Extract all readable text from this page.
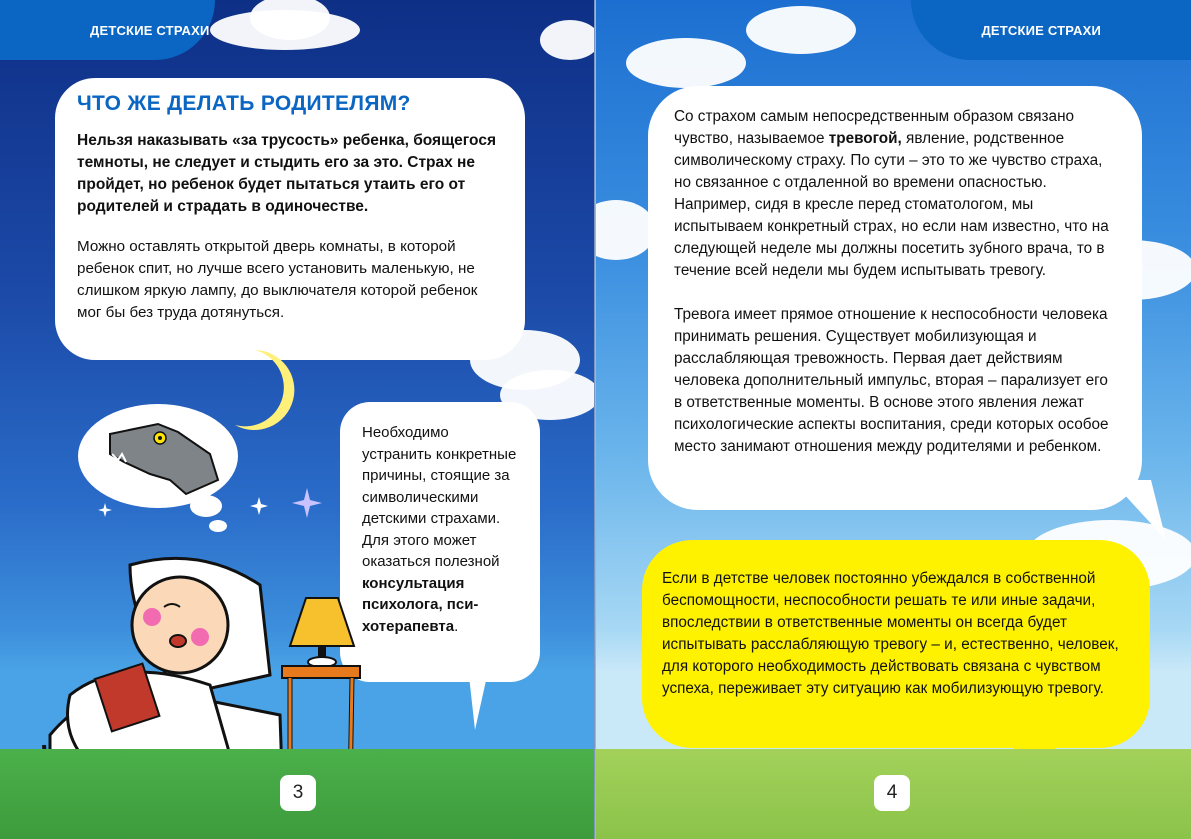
ДЕТСКИЕ СТРАХИ
ЧТО ЖЕ ДЕЛАТЬ РОДИТЕЛЯМ?

Нельзя наказывать «за трусость» ребенка, боящегося темноты, не следует и стыдить его за это. Страх не пройдет, но ребенок будет пытаться утаить его от родителей и страдать в одиночестве.

Можно оставлять открытой дверь комнаты, в которой ребенок спит, но лучше всего установить маленькую, не слишком яркую лампу, до выключателя которой ребенок мог бы без труда дотянуться.

Необходимо устранить конкретные причины, стоящие за символическими детскими страхами. Для этого может оказаться полезной консультация психолога, пси-хотерапевта.

3
ДЕТСКИЕ СТРАХИ

Со страхом самым непосредственным образом связано чувство, называемое тревогой, явление, родственное символическому страху. По сути – это то же чувство страха, но связанное с отдаленной во времени опасностью. Например, сидя в кресле перед стоматологом, мы испытываем конкретный страх, но если нам известно, что на следующей неделе мы должны посетить зубного врача, то в течение всей недели мы будем испытывать тревогу.

Тревога имеет прямое отношение к неспособности человека принимать решения. Существует мобилизующая и расслабляющая тревожность. Первая дает действиям человека дополнительный импульс, вторая – парализует его в ответственные моменты. В основе этого явления лежат психологические аспекты воспитания, среди которых особое место занимают отношения между родителями и ребенком.

Если в детстве человек постоянно убеждался в собственной беспомощности, неспособности решать те или иные задачи, впоследствии в ответственные моменты он всегда будет испытывать расслабляющую тревогу – и, естественно, человек, для которого необходимость действовать связана с чувством успеха, переживает эту ситуацию как мобилизующую тревогу.

4
